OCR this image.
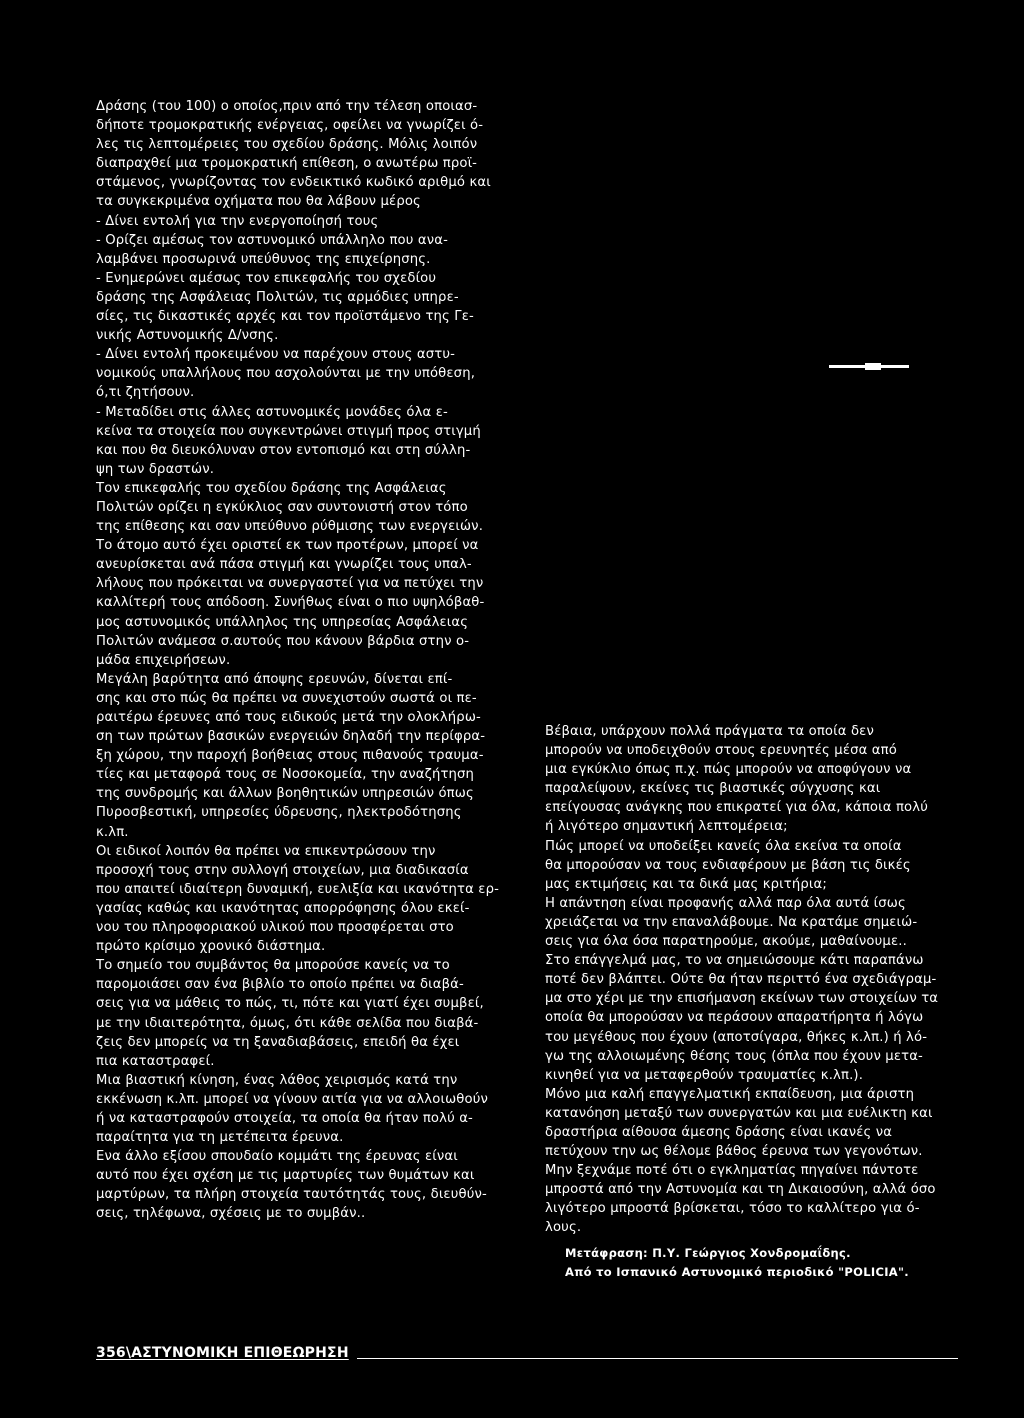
Δράσης (του 100) ο οποίος,πριν από την τέλεση οποιασ-

δήποτε τρομοκρατικής ενέργειας, οφείλει να γνωρίζει ό-

λες τις λεπτομέρειες του σχεδίου δράσης. Μόλις λοιπόν

διαπραχθεί μια τρομοκρατική επίθεση, ο ανωτέρω προϊ-

στάμενος, γνωρίζοντας τον ενδεικτικό κωδικό αριθμό και

τα συγκεκριμένα οχήματα που θα λάβουν μέρος

- Δίνει εντολή για την ενεργοποίησή τους

- Ορίζει αμέσως τον αστυνομικό υπάλληλο που ανα-

λαμβάνει προσωρινά υπεύθυνος της επιχείρησης.

- Ενημερώνει αμέσως τον επικεφαλής του σχεδίου

δράσης της Ασφάλειας Πολιτών, τις αρμόδιες υπηρε-

σίες, τις δικαστικές αρχές και τον προϊστάμενο της Γε-

νικής Αστυνομικής Δ/νσης.

- Δίνει εντολή προκειμένου να παρέχουν στους αστυ-

νομικούς υπαλλήλους που ασχολούνται με την υπόθεση,

ό,τι ζητήσουν.

- Μεταδίδει στις άλλες αστυνομικές μονάδες όλα ε-

κείνα τα στοιχεία που συγκεντρώνει στιγμή προς στιγμή

και που θα διευκόλυναν στον εντοπισμό και στη σύλλη-

ψη των δραστών.

Τον επικεφαλής του σχεδίου δράσης της Ασφάλειας

Πολιτών ορίζει η εγκύκλιος σαν συντονιστή στον τόπο

της επίθεσης και σαν υπεύθυνο ρύθμισης των ενεργειών.

Το άτομο αυτό έχει οριστεί εκ των προτέρων, μπορεί να

ανευρίσκεται ανά πάσα στιγμή και γνωρίζει τους υπαλ-

λήλους που πρόκειται να συνεργαστεί για να πετύχει την

καλλίτερή τους απόδοση. Συνήθως είναι ο πιο υψηλόβαθ-

μος αστυνομικός υπάλληλος της υπηρεσίας Ασφάλειας

Πολιτών ανάμεσα σ.αυτούς που κάνουν βάρδια στην ο-

μάδα επιχειρήσεων.

Μεγάλη βαρύτητα από άποψης ερευνών, δίνεται επί-

σης και στο πώς θα πρέπει να συνεχιστούν σωστά οι πε-

ραιτέρω έρευνες από τους ειδικούς μετά την ολοκλήρω-

ση των πρώτων βασικών ενεργειών δηλαδή την περίφρα-

ξη χώρου, την παροχή βοήθειας στους πιθανούς τραυμα-

τίες και μεταφορά τους σε Νοσοκομεία, την αναζήτηση

της συνδρομής και άλλων βοηθητικών υπηρεσιών όπως

Πυροσβεστική, υπηρεσίες ύδρευσης, ηλεκτροδότησης

κ.λπ.

Οι ειδικοί λοιπόν θα πρέπει να επικεντρώσουν την

προσοχή τους στην συλλογή στοιχείων, μια διαδικασία

που απαιτεί ιδιαίτερη δυναμική, ευελιξία και ικανότητα ερ-

γασίας καθώς και ικανότητας απορρόφησης όλου εκεί-

νου του πληροφοριακού υλικού που προσφέρεται στο

πρώτο κρίσιμο χρονικό διάστημα.

Το σημείο του συμβάντος θα μπορούσε κανείς να το

παρομοιάσει σαν ένα βιβλίο το οποίο πρέπει να διαβά-

σεις για να μάθεις το πώς, τι, πότε και γιατί έχει συμβεί,

με την ιδιαιτερότητα, όμως, ότι κάθε σελίδα που διαβά-

ζεις δεν μπορείς να τη ξαναδιαβάσεις, επειδή θα έχει

πια καταστραφεί.

Μια βιαστική κίνηση, ένας λάθος χειρισμός κατά την

εκκένωση κ.λπ. μπορεί να γίνουν αιτία για να αλλοιωθούν

ή να καταστραφούν στοιχεία, τα οποία θα ήταν πολύ α-

παραίτητα για τη μετέπειτα έρευνα.

Ενα άλλο εξίσου σπουδαίο κομμάτι της έρευνας είναι

αυτό που έχει σχέση με τις μαρτυρίες των θυμάτων και

μαρτύρων, τα πλήρη στοιχεία ταυτότητάς τους, διευθύν-

σεις, τηλέφωνα, σχέσεις με το συμβάν..

Βέβαια, υπάρχουν πολλά πράγματα τα οποία δεν

μπορούν να υποδειχθούν στους ερευνητές μέσα από

μια εγκύκλιο όπως π.χ. πώς μπορούν να αποφύγουν να

παραλείψουν, εκείνες τις βιαστικές σύγχυσης και

επείγουσας ανάγκης που επικρατεί για όλα, κάποια πολύ

ή λιγότερο σημαντική λεπτομέρεια;

Πώς μπορεί να υποδείξει κανείς όλα εκείνα τα οποία

θα μπορούσαν να τους ενδιαφέρουν με βάση τις δικές

μας εκτιμήσεις και τα δικά μας κριτήρια;

Η απάντηση είναι προφανής αλλά παρ όλα αυτά ίσως

χρειάζεται να την επαναλάβουμε. Να κρατάμε σημειώ-

σεις για όλα όσα παρατηρούμε, ακούμε, μαθαίνουμε..

Στο επάγγελμά μας, το να σημειώσουμε κάτι παραπάνω

ποτέ δεν βλάπτει. Ούτε θα ήταν περιττό ένα σχεδιάγραμ-

μα στο χέρι με την επισήμανση εκείνων των στοιχείων τα

οποία θα μπορούσαν να περάσουν απαρατήρητα ή λόγω

του μεγέθους που έχουν (αποτσίγαρα, θήκες κ.λπ.) ή λό-

γω της αλλοιωμένης θέσης τους (όπλα που έχουν μετα-

κινηθεί για να μεταφερθούν τραυματίες κ.λπ.).

Μόνο μια καλή επαγγελματική εκπαίδευση, μια άριστη

κατανόηση μεταξύ των συνεργατών και μια ευέλικτη και

δραστήρια αίθουσα άμεσης δράσης είναι ικανές να

πετύχουν την ως θέλομε βάθος έρευνα των γεγονότων.

Μην ξεχνάμε ποτέ ότι ο εγκληματίας πηγαίνει πάντοτε

μπροστά από την Αστυνομία και τη Δικαιοσύνη, αλλά όσο

λιγότερο μπροστά βρίσκεται, τόσο το καλλίτερο για ό-

λους.

Μετάφραση: Π.Υ. Γεώργιος Χονδρομαΐδης.

Από το Ισπανικό Αστυνομικό περιοδικό "POLICIA".

356\ΑΣΤΥΝΟΜΙΚΗ ΕΠΙΘΕΩΡΗΣΗ
